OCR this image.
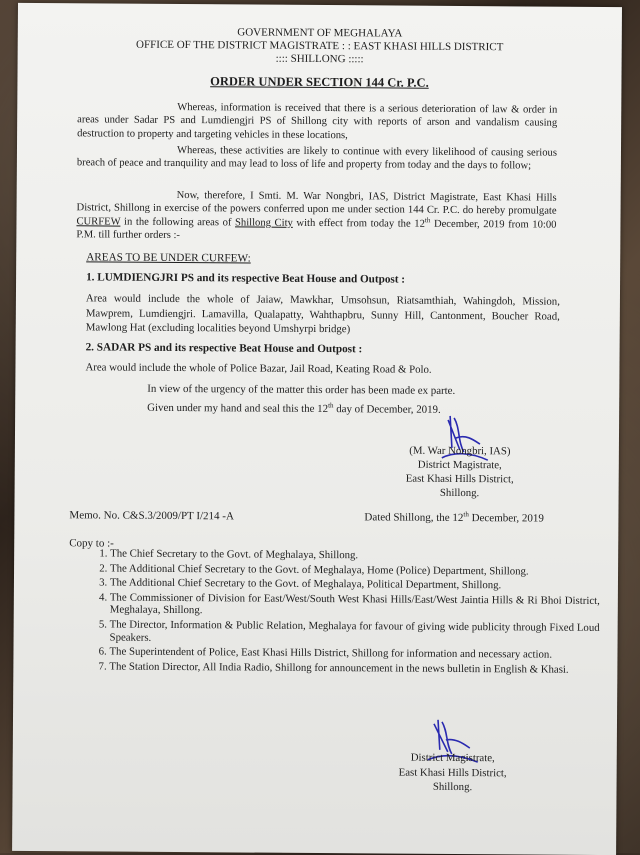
GOVERNMENT OF MEGHALAYA
OFFICE OF THE DISTRICT MAGISTRATE : : EAST KHASI HILLS DISTRICT
:::: SHILLONG :::::
ORDER UNDER SECTION 144 Cr. P.C.
Whereas, information is received that there is a serious deterioration of law & order in areas under Sadar PS and Lumdiengjri PS of Shillong city with reports of arson and vandalism causing destruction to property and targeting vehicles in these locations,
Whereas, these activities are likely to continue with every likelihood of causing serious breach of peace and tranquility and may lead to loss of life and property from today and the days to follow;
Now, therefore, I Smti. M. War Nongbri, IAS, District Magistrate, East Khasi Hills District, Shillong in exercise of the powers conferred upon me under section 144 Cr. P.C. do hereby promulgate CURFEW in the following areas of Shillong City with effect from today the 12th December, 2019 from 10:00 P.M. till further orders :-
AREAS TO BE UNDER CURFEW:
1. LUMDIENGJRI PS and its respective Beat House and Outpost :
Area would include the whole of Jaiaw, Mawkhar, Umsohsun, Riatsamthiah, Wahingdoh, Mission, Mawprem, Lumdiengjri. Lamavilla, Qualapatty, Wahthapbru, Sunny Hill, Cantonment, Boucher Road, Mawlong Hat (excluding localities beyond Umshyrpi bridge)
2. SADAR PS and its respective Beat House and Outpost :
Area would include the whole of Police Bazar, Jail Road, Keating Road & Polo.
In view of the urgency of the matter this order has been made ex parte.
Given under my hand and seal this the 12th day of December, 2019.
(M. War Nongbri, IAS)
District Magistrate,
East Khasi Hills District,
Shillong.
Memo. No. C&S.3/2009/PT I/214 -A	Dated Shillong, the 12th December, 2019
Copy to :-
1. The Chief Secretary to the Govt. of Meghalaya, Shillong.
2. The Additional Chief Secretary to the Govt. of Meghalaya, Home (Police) Department, Shillong.
3. The Additional Chief Secretary to the Govt. of Meghalaya, Political Department, Shillong.
4. The Commissioner of Division for East/West/South West Khasi Hills/East/West Jaintia Hills & Ri Bhoi District, Meghalaya, Shillong.
5. The Director, Information & Public Relation, Meghalaya for favour of giving wide publicity through Fixed Loud Speakers.
6. The Superintendent of Police, East Khasi Hills District, Shillong for information and necessary action.
7. The Station Director, All India Radio, Shillong for announcement in the news bulletin in English & Khasi.
District Magistrate,
East Khasi Hills District,
Shillong.
